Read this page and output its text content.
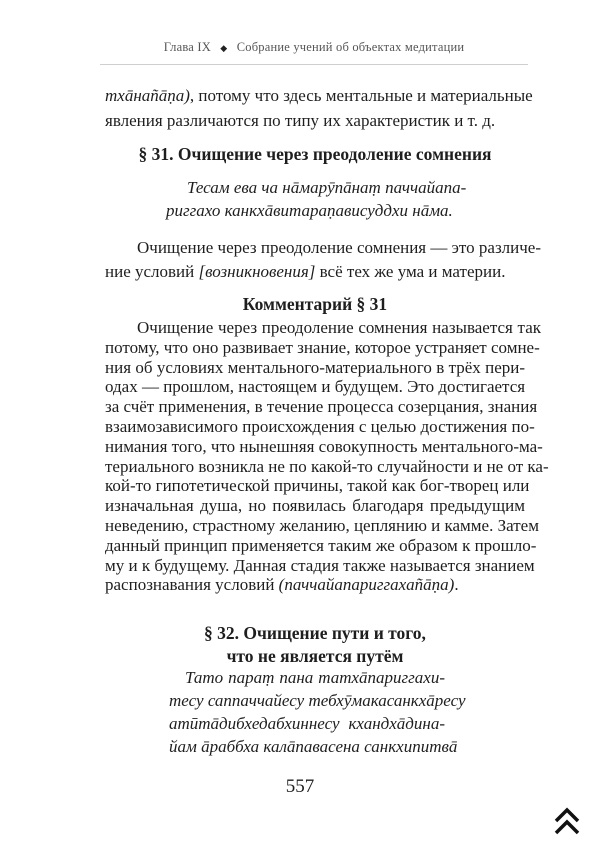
Глава IX ◆ Собрание учений об объектах медитации
тхāнañāṇа), потому что здесь ментальные и материальные
явления различаются по типу их характеристик и т. д.
§ 31. Очищение через преодоление сомнения
Тесам ева ча нāмарӯпāнаṃ паччайапа-
риггахо канкхāвитараṇависуддхи нāма.
Очищение через преодоление сомнения — это различе-
ние условий [возникновения] всё тех же ума и материи.
Комментарий § 31
Очищение через преодоление сомнения называется так
потому, что оно развивает знание, которое устраняет сомне-
ния об условиях ментального-материального в трёх пери-
одах — прошлом, настоящем и будущем. Это достигается
за счёт применения, в течение процесса созерцания, знания
взаимозависимого происхождения с целью достижения по-
нимания того, что нынешняя совокупность ментального-ма-
териального возникла не по какой-то случайности и не от ка-
кой-то гипотетической причины, такой как бог-творец или
изначальная душа, но появилась благодаря предыдущим
неведению, страстному желанию, цеплянию и камме. Затем
данный принцип применяется таким же образом к прошло-
му и к будущему. Данная стадия также называется знанием
распознавания условий (паччайапариггахañāṇа).
§ 32. Очищение пути и того,
что не является путём
Тато параṃ пана татхāпариггахи-
тесу саппаччайесу тебхӯмакасанкхāресу
атӣтāдибхедабхиннесу кхандхāдина-
йам āраббха калāпавасена санкхипитвā
557
